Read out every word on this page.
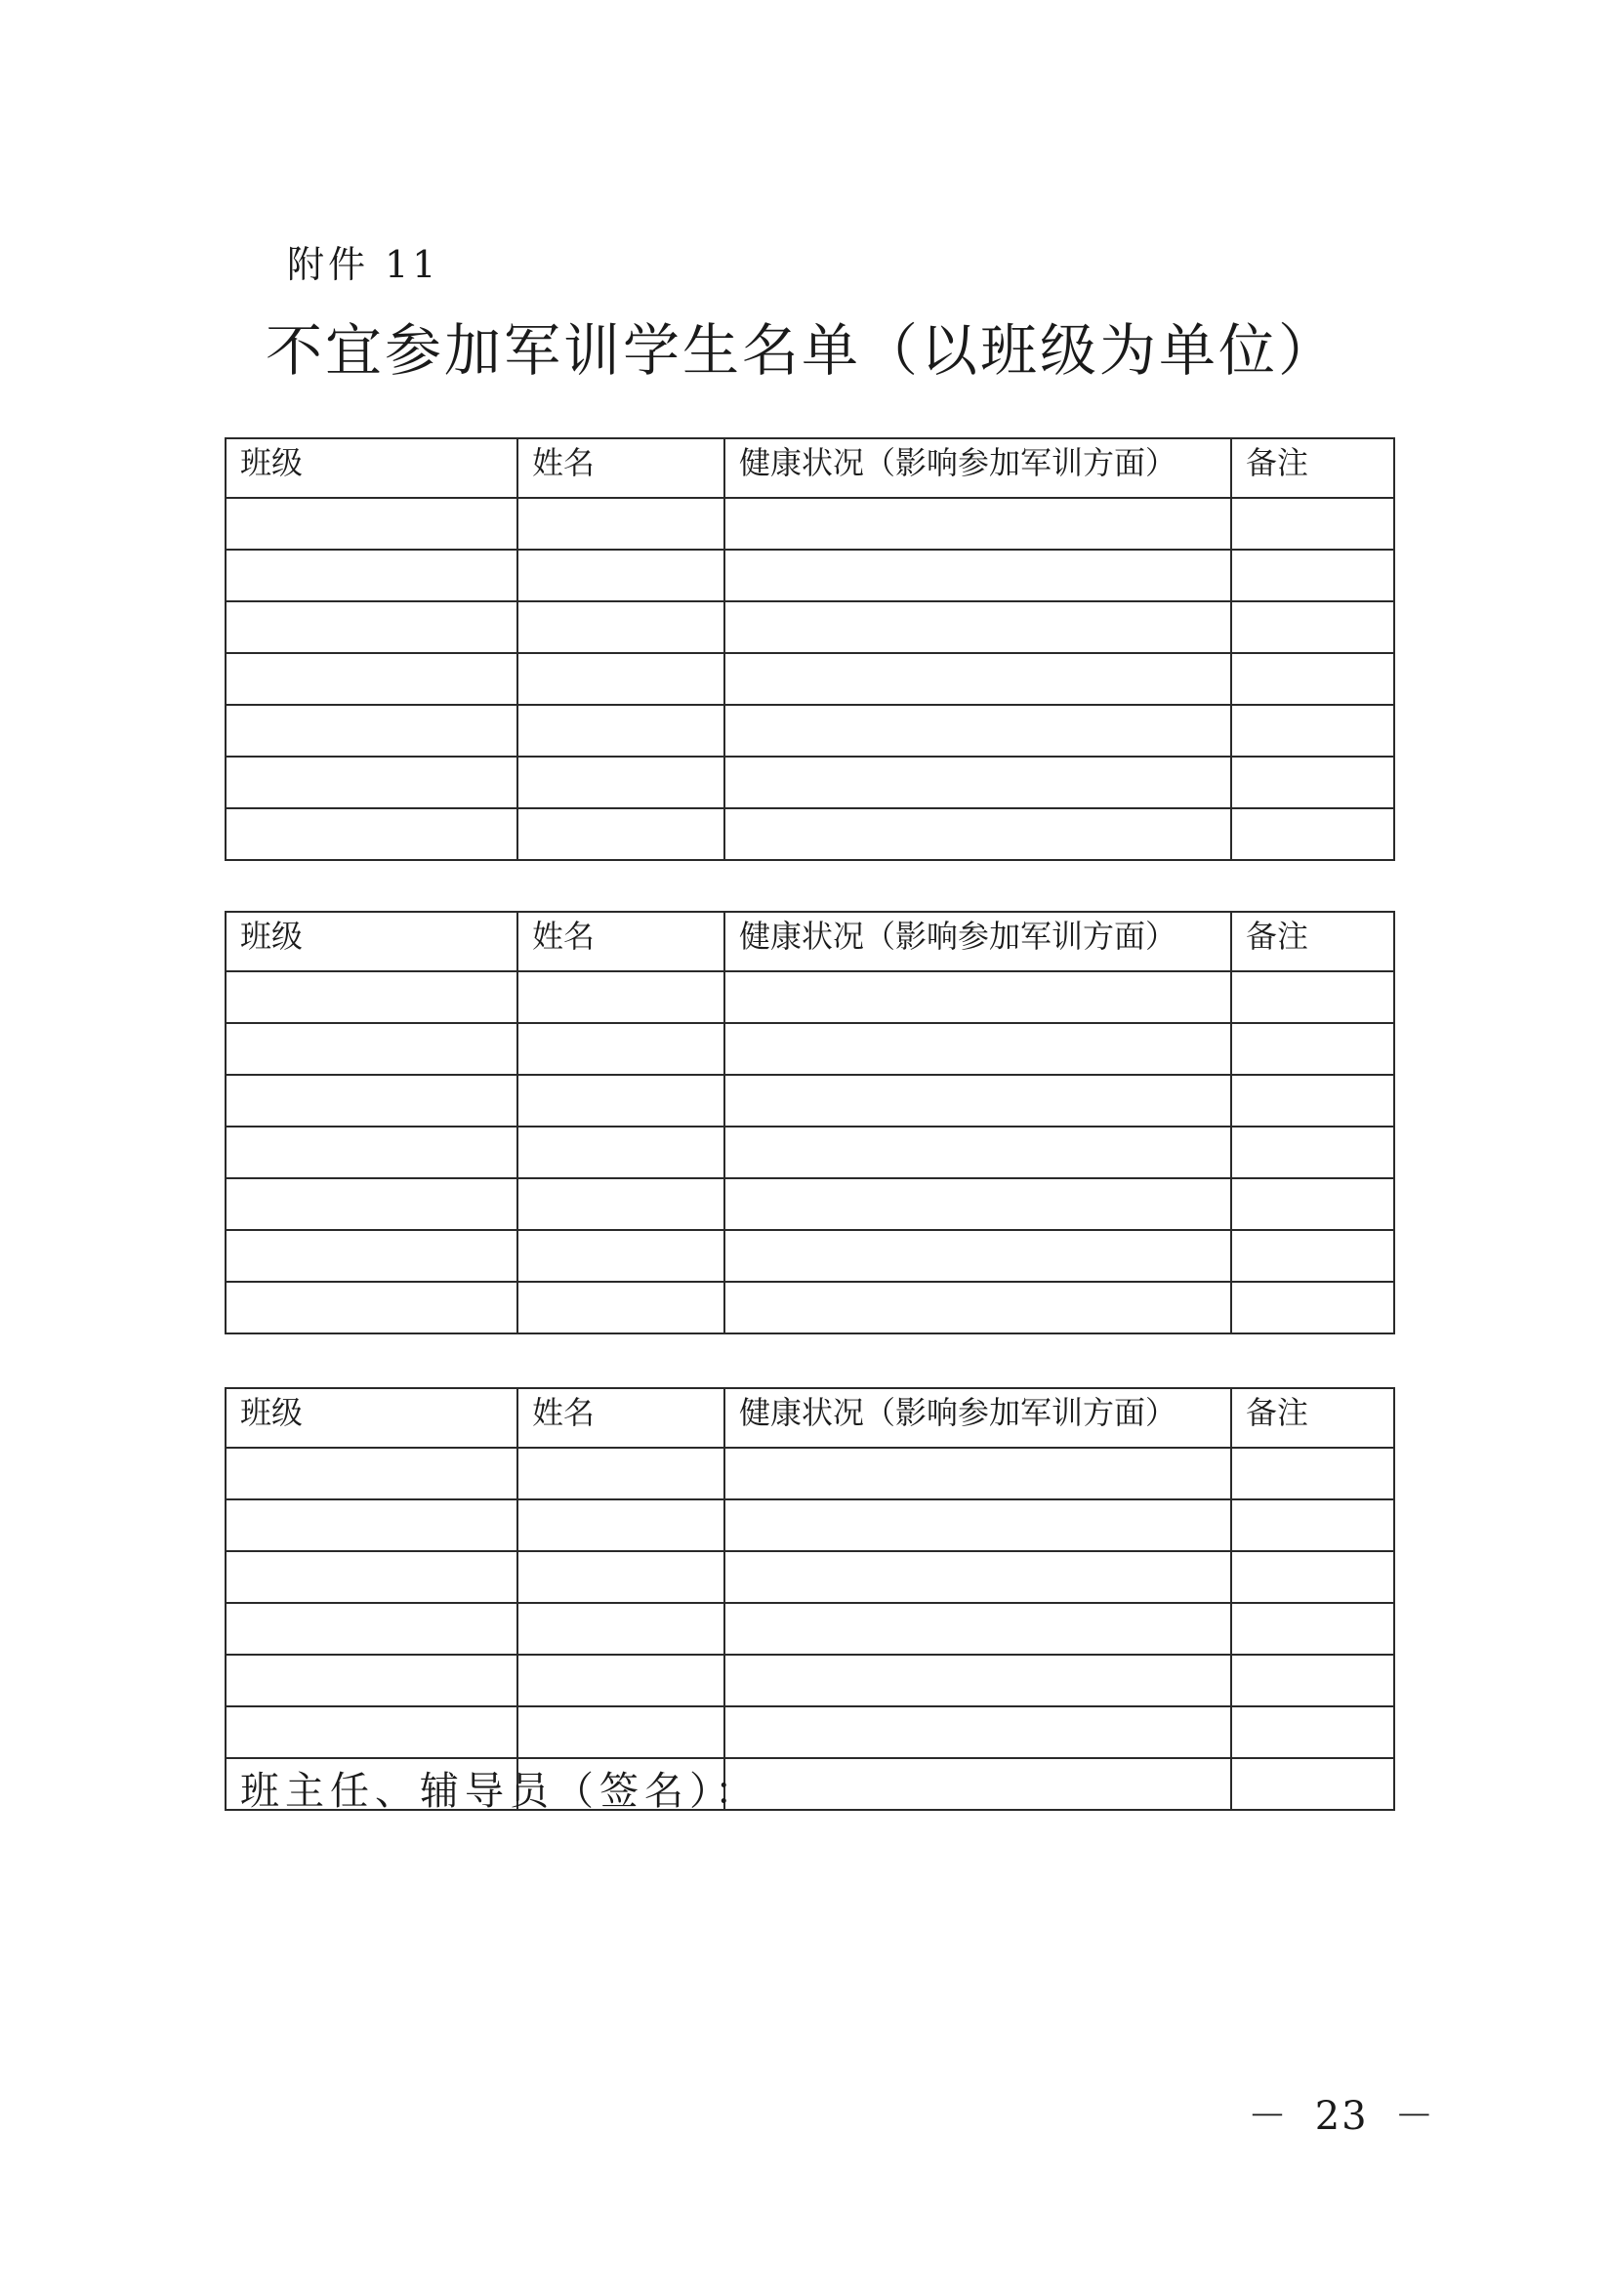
附件 11
不宜参加军训学生名单（以班级为单位）
班级	姓名	健康状况（影响参加军训方面）	备注

班级	姓名	健康状况（影响参加军训方面）	备注

班级	姓名	健康状况（影响参加军训方面）	备注

班主任、辅导员（签名）：
－ 23 －
